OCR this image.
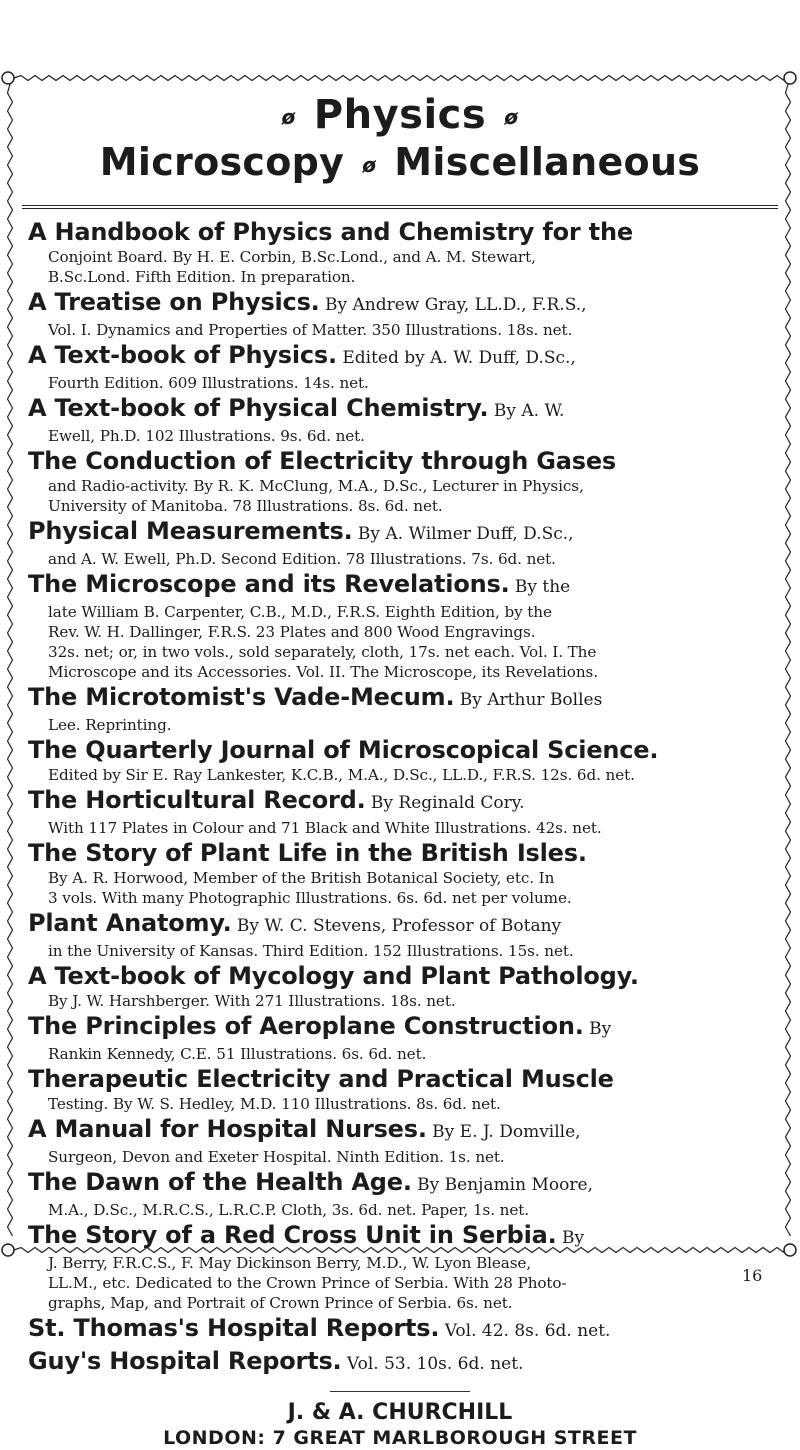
ø Physics ø
Microscopy ø Miscellaneous
A Handbook of Physics and Chemistry for the
Conjoint Board. By H. E. Corbin, B.Sc.Lond., and A. M. Stewart,
B.Sc.Lond. Fifth Edition. In preparation.
A Treatise on Physics. By Andrew Gray, LL.D., F.R.S.,
Vol. I. Dynamics and Properties of Matter. 350 Illustrations. 18s. net.
A Text-book of Physics. Edited by A. W. Duff, D.Sc.,
Fourth Edition. 609 Illustrations. 14s. net.
A Text-book of Physical Chemistry. By A. W.
Ewell, Ph.D. 102 Illustrations. 9s. 6d. net.
The Conduction of Electricity through Gases
and Radio-activity. By R. K. McClung, M.A., D.Sc., Lecturer in Physics,
University of Manitoba. 78 Illustrations. 8s. 6d. net.
Physical Measurements. By A. Wilmer Duff, D.Sc.,
and A. W. Ewell, Ph.D. Second Edition. 78 Illustrations. 7s. 6d. net.
The Microscope and its Revelations. By the
late William B. Carpenter, C.B., M.D., F.R.S. Eighth Edition, by the
Rev. W. H. Dallinger, F.R.S. 23 Plates and 800 Wood Engravings.
32s. net; or, in two vols., sold separately, cloth, 17s. net each. Vol. I. The
Microscope and its Accessories. Vol. II. The Microscope, its Revelations.
The Microtomist's Vade-Mecum. By Arthur Bolles
Lee. Reprinting.
The Quarterly Journal of Microscopical Science.
Edited by Sir E. Ray Lankester, K.C.B., M.A., D.Sc., LL.D., F.R.S. 12s. 6d. net.
The Horticultural Record. By Reginald Cory.
With 117 Plates in Colour and 71 Black and White Illustrations. 42s. net.
The Story of Plant Life in the British Isles.
By A. R. Horwood, Member of the British Botanical Society, etc. In
3 vols. With many Photographic Illustrations. 6s. 6d. net per volume.
Plant Anatomy. By W. C. Stevens, Professor of Botany
in the University of Kansas. Third Edition. 152 Illustrations. 15s. net.
A Text-book of Mycology and Plant Pathology.
By J. W. Harshberger. With 271 Illustrations. 18s. net.
The Principles of Aeroplane Construction. By
Rankin Kennedy, C.E. 51 Illustrations. 6s. 6d. net.
Therapeutic Electricity and Practical Muscle
Testing. By W. S. Hedley, M.D. 110 Illustrations. 8s. 6d. net.
A Manual for Hospital Nurses. By E. J. Domville,
Surgeon, Devon and Exeter Hospital. Ninth Edition. 1s. net.
The Dawn of the Health Age. By Benjamin Moore,
M.A., D.Sc., M.R.C.S., L.R.C.P. Cloth, 3s. 6d. net. Paper, 1s. net.
The Story of a Red Cross Unit in Serbia. By
J. Berry, F.R.C.S., F. May Dickinson Berry, M.D., W. Lyon Blease,
LL.M., etc. Dedicated to the Crown Prince of Serbia. With 28 Photo-
graphs, Map, and Portrait of Crown Prince of Serbia. 6s. net.
St. Thomas's Hospital Reports. Vol. 42. 8s. 6d. net.
Guy's Hospital Reports. Vol. 53. 10s. 6d. net.
J. & A. CHURCHILL
LONDON: 7 GREAT MARLBOROUGH STREET
16
